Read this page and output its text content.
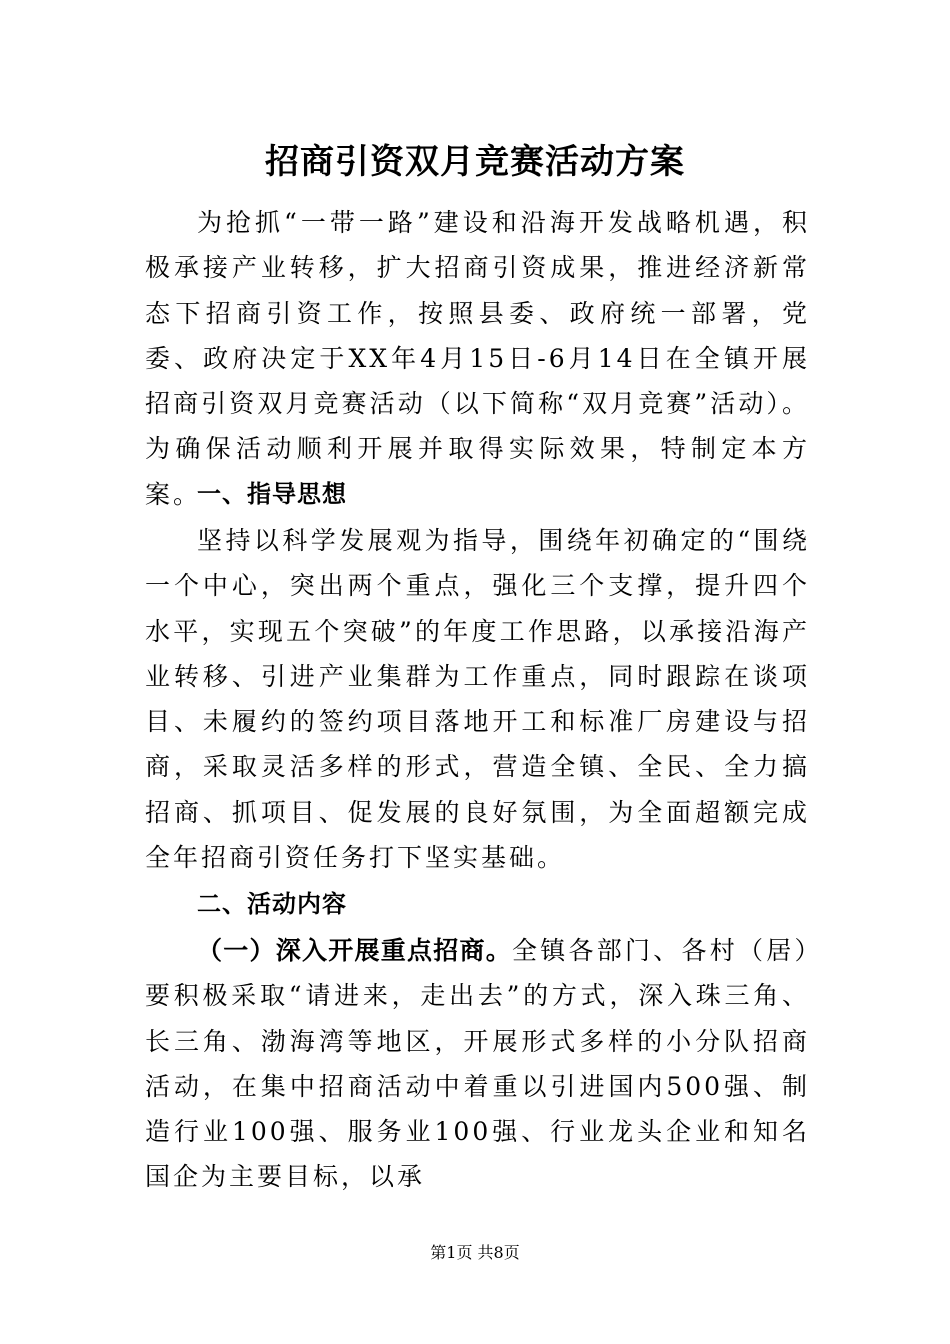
招商引资双月竞赛活动方案

为抢抓“一带一路”建设和沿海开发战略机遇，积极承接产业转移，扩大招商引资成果，推进经济新常态下招商引资工作，按照县委、政府统一部署，党委、政府决定于XX年4月15日-6月14日在全镇开展招商引资双月竞赛活动（以下简称“双月竞赛”活动）。为确保活动顺利开展并取得实际效果，特制定本方案。

一、指导思想

坚持以科学发展观为指导，围绕年初确定的“围绕一个中心，突出两个重点，强化三个支撑，提升四个水平，实现五个突破”的年度工作思路，以承接沿海产业转移、引进产业集群为工作重点，同时跟踪在谈项目、未履约的签约项目落地开工和标准厂房建设与招商，采取灵活多样的形式，营造全镇、全民、全力搞招商、抓项目、促发展的良好氛围，为全面超额完成全年招商引资任务打下坚实基础。

二、活动内容

（一）深入开展重点招商。全镇各部门、各村（居）要积极采取“请进来，走出去”的方式，深入珠三角、长三角、渤海湾等地区，开展形式多样的小分队招商活动，在集中招商活动中着重以引进国内500强、制造行业100强、服务业100强、行业龙头企业和知名国企为主要目标，以承

第1页 共8页
